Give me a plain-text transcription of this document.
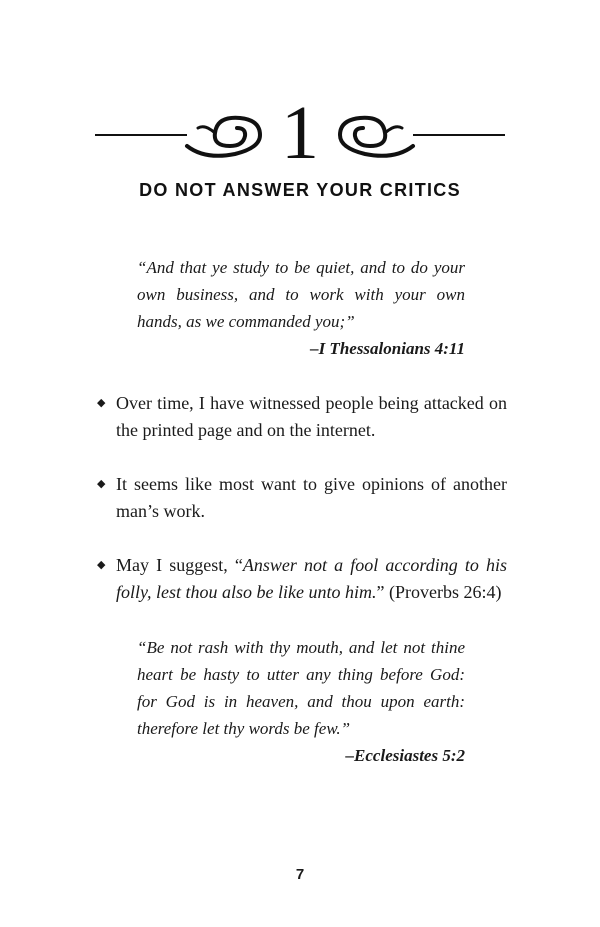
1
DO NOT ANSWER YOUR CRITICS
“And that ye study to be quiet, and to do your own business, and to work with your own hands, as we commanded you;”
–I Thessalonians 4:11
◆ Over time, I have witnessed people being attacked on the printed page and on the internet.
◆ It seems like most want to give opinions of another man’s work.
◆ May I suggest, “Answer not a fool according to his folly, lest thou also be like unto him.” (Proverbs 26:4)
“Be not rash with thy mouth, and let not thine heart be hasty to utter any thing before God: for God is in heaven, and thou upon earth: therefore let thy words be few.”
–Ecclesiastes 5:2
7
